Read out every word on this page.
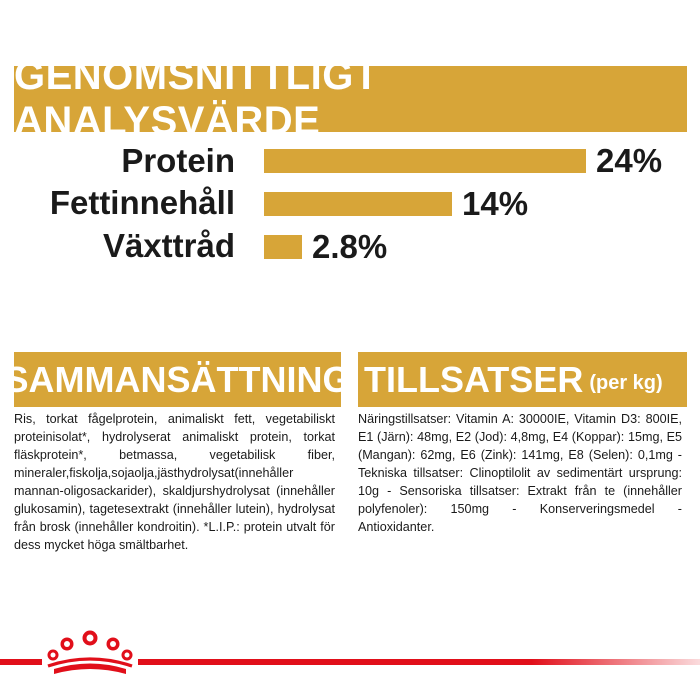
GENOMSNITTLIGT ANALYSVÄRDE
Protein	24%
Fettinnehåll	14%
Växttråd 2.8%
SAMMANSÄTTNING
Ris, torkat fågelprotein, animaliskt fett, vegetabiliskt proteinisolat*, hydrolyserat animaliskt protein, torkat fläskprotein*, betmassa, vegetabilisk fiber, mineraler,fiskolja,sojaolja,jästhydrolysat(innehåller mannan-oligosackarider), skaldjurshydrolysat (innehåller glukosamin), tagetesextrakt (innehåller lutein), hydrolysat från brosk (innehåller kondroitin). *L.I.P.: protein utvalt för dess mycket höga smältbarhet.
TILLSATSER (per kg)
Näringstillsatser: Vitamin A: 30000IE, Vitamin D3: 800IE, E1 (Järn): 48mg, E2 (Jod): 4,8mg, E4 (Koppar): 15mg, E5 (Mangan): 62mg, E6 (Zink): 141mg, E8 (Selen): 0,1mg - Tekniska tillsatser: Clinoptilolit av sedimentärt ursprung: 10g - Sensoriska tillsatser: Extrakt från te (innehåller polyfenoler): 150mg - Konserveringsmedel - Antioxidanter.
